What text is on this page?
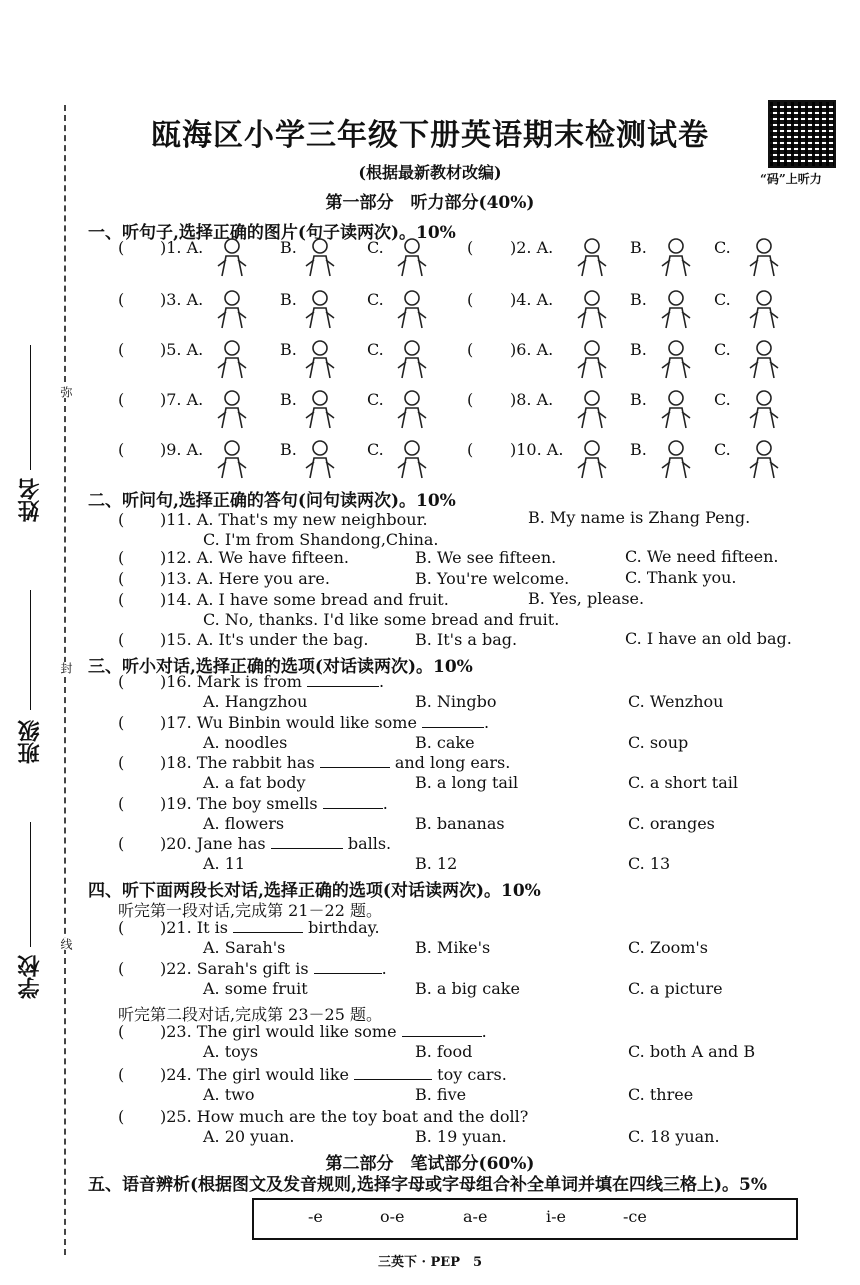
姓名
班级
学校
弥
封
线
瓯海区小学三年级下册英语期末检测试卷
(根据最新教材改编)	“码”上听力
第一部分　听力部分(40%)
一、听句子,选择正确的图片(句子读两次)。10%
( )1. A.	B.	C.	( )2. A.	B.	C.
( )3. A.	B.	C.	( )4. A.	B.	C.
( )5. A.	B.	C.	( )6. A.	B.	C.
( )7. A.	B.	C.	( )8. A.	B.	C.
( )9. A.	B.	C.	( )10. A.	B.	C.
二、听问句,选择正确的答句(问句读两次)。10%
( )11. A. That's my new neighbour.	B. My name is Zhang Peng.
C. I'm from Shandong,China.
( )12. A. We have fifteen.	B. We see fifteen.	C. We need fifteen.
( )13. A. Here you are.	B. You're welcome.	C. Thank you.
( )14. A. I have some bread and fruit.	B. Yes, please.
C. No, thanks. I'd like some bread and fruit.
( )15. A. It's under the bag.	B. It's a bag.	C. I have an old bag.
三、听小对话,选择正确的选项(对话读两次)。10%
( )16. Mark is from	.
A. Hangzhou	B. Ningbo	C. Wenzhou
( )17. Wu Binbin would like some	.
A. noodles	B. cake	C. soup
( )18. The rabbit has	and long ears.
A. a fat body	B. a long tail	C. a short tail
( )19. The boy smells	.
A. flowers	B. bananas	C. oranges
( )20. Jane has	balls.
A. 11	B. 12	C. 13
四、听下面两段长对话,选择正确的选项(对话读两次)。10%
听完第一段对话,完成第 21－22 题。
听完第二段对话,完成第 23－25 题。
( )21. It is	birthday.
A. Sarah's	B. Mike's	C. Zoom's
( )22. Sarah's gift is	.
A. some fruit	B. a big cake	C. a picture
( )23. The girl would like some	.
A. toys	B. food	C. both A and B
( )24. The girl would like	toy cars.
A. two	B. five	C. three
( )25. How much are the toy boat and the doll?
A. 20 yuan.	B. 19 yuan.	C. 18 yuan.
第二部分　笔试部分(60%)
五、语音辨析(根据图文及发音规则,选择字母或字母组合补全单词并填在四线三格上)。5%
-e	o-e	a-e	i-e	-ce
三英下 · PEP　5
